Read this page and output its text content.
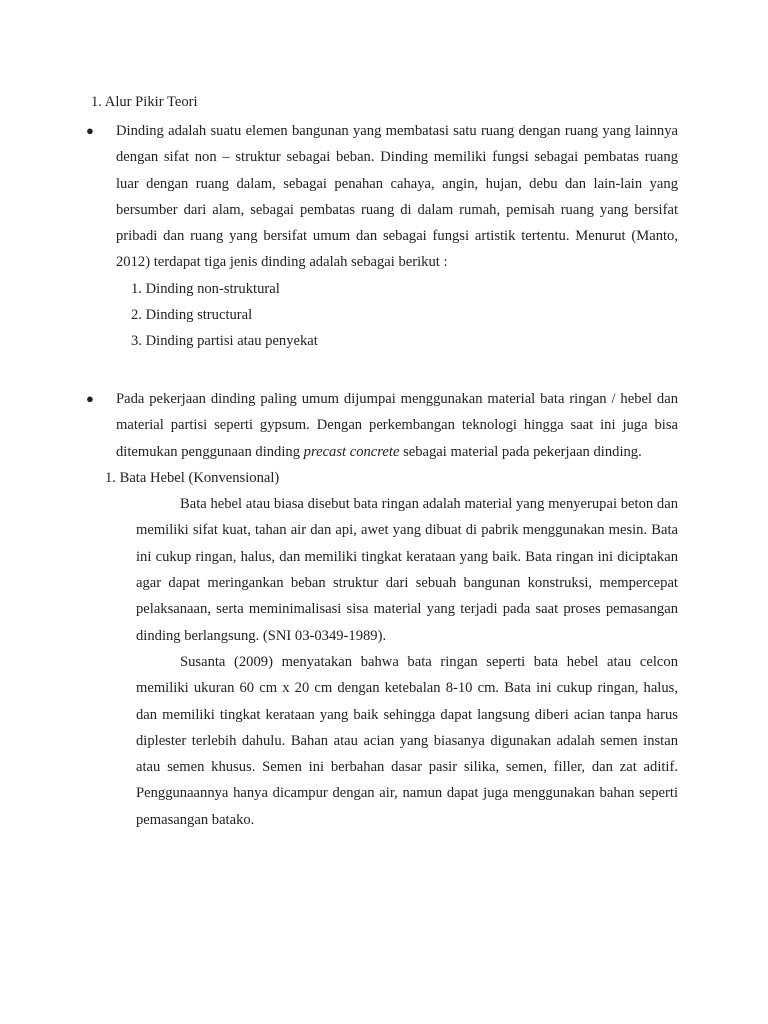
1. Alur Pikir Teori
●	Dinding adalah suatu elemen bangunan yang membatasi satu ruang dengan ruang yang lainnya dengan sifat non – struktur sebagai beban. Dinding memiliki fungsi sebagai pembatas ruang luar dengan ruang dalam, sebagai penahan cahaya, angin, hujan, debu dan lain-lain yang bersumber dari alam, sebagai pembatas ruang di dalam rumah, pemisah ruang yang bersifat pribadi dan ruang yang bersifat umum dan sebagai fungsi artistik tertentu. Menurut (Manto, 2012) terdapat tiga jenis dinding adalah sebagai berikut :
1. Dinding non-struktural
2. Dinding structural
3. Dinding partisi atau penyekat
●	Pada pekerjaan dinding paling umum dijumpai menggunakan material bata ringan / hebel dan material partisi seperti gypsum. Dengan perkembangan teknologi hingga saat ini juga bisa ditemukan penggunaan dinding precast concrete sebagai material pada pekerjaan dinding.
1. Bata Hebel (Konvensional)
Bata hebel atau biasa disebut bata ringan adalah material yang menyerupai beton dan memiliki sifat kuat, tahan air dan api, awet yang dibuat di pabrik menggunakan mesin. Bata ini cukup ringan, halus, dan memiliki tingkat kerataan yang baik. Bata ringan ini diciptakan agar dapat meringankan beban struktur dari sebuah bangunan konstruksi, mempercepat pelaksanaan, serta meminimalisasi sisa material yang terjadi pada saat proses pemasangan dinding berlangsung. (SNI 03-0349-1989).
Susanta (2009) menyatakan bahwa bata ringan seperti bata hebel atau celcon memiliki ukuran 60 cm x 20 cm dengan ketebalan 8-10 cm. Bata ini cukup ringan, halus, dan memiliki tingkat kerataan yang baik sehingga dapat langsung diberi acian tanpa harus diplester terlebih dahulu. Bahan atau acian yang biasanya digunakan adalah semen instan atau semen khusus. Semen ini berbahan dasar pasir silika, semen, filler, dan zat aditif. Penggunaannya hanya dicampur dengan air, namun dapat juga menggunakan bahan seperti pemasangan batako.
